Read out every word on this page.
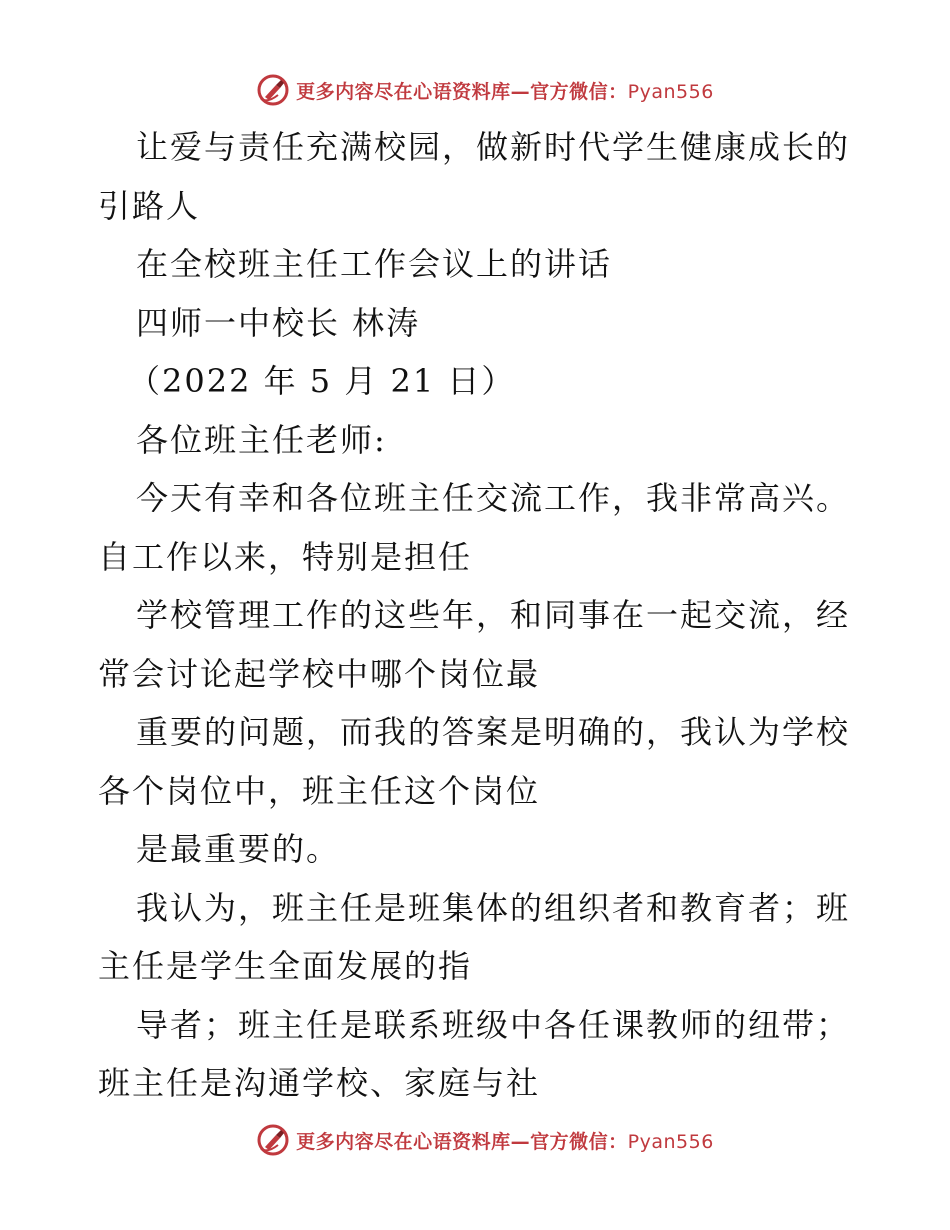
更多内容尽在心语资料库—官方微信：Pyan556
让爱与责任充满校园，做新时代学生健康成长的
引路人
在全校班主任工作会议上的讲话
四师一中校长 林涛
（2022 年 5 月 21 日）
各位班主任老师:
今天有幸和各位班主任交流工作，我非常高兴。
自工作以来，特别是担任
学校管理工作的这些年，和同事在一起交流，经
常会讨论起学校中哪个岗位最
重要的问题，而我的答案是明确的，我认为学校
各个岗位中，班主任这个岗位
是最重要的。
我认为，班主任是班集体的组织者和教育者；班
主任是学生全面发展的指
导者；班主任是联系班级中各任课教师的纽带；
班主任是沟通学校、家庭与社
更多内容尽在心语资料库—官方微信：Pyan556
